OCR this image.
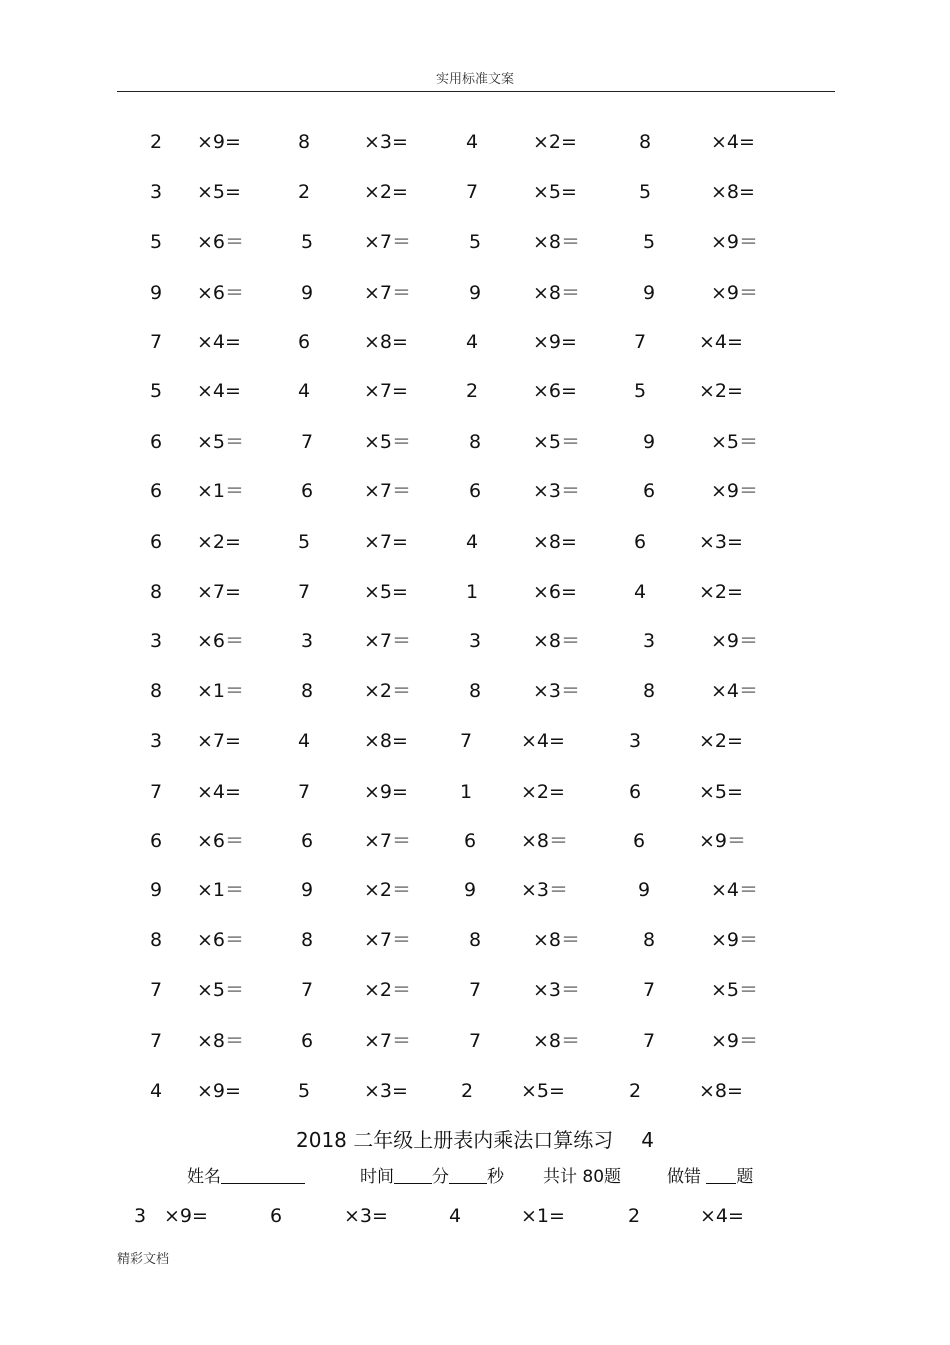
实用标准文案
2 ×9=	8	×3=	4	×2=	8	×4=
3 ×5=	2	×2=	7	×5=	5	×8=
5 ×6＝	5	×7＝	5	×8＝	5	×9＝
9 ×6＝	9	×7＝	9	×8＝	9	×9＝
7 ×4=	6	×8=	4	×9=	7	×4=
5 ×4=	4	×7=	2	×6=	5	×2=
6 ×5＝	7	×5＝	8	×5＝	9	×5＝
6 ×1＝	6	×7＝	6	×3＝	6	×9＝
6 ×2=	5	×7=	4	×8=	6	×3=
8 ×7=	7	×5=	1	×6=	4	×2=
3 ×6＝	3	×7＝	3	×8＝	3	×9＝
8 ×1＝	8	×2＝	8	×3＝	8	×4＝
3 ×7=	4	×8=	7	×4=	3	×2=
7 ×4=	7	×9=	1	×2=	6	×5=
6 ×6＝	6	×7＝	6 ×8＝	6	×9＝
9 ×1＝	9	×2＝	9 ×3＝	9	×4＝
8 ×6＝	8	×7＝	8	×8＝	8	×9＝
7 ×5＝	7	×2＝	7	×3＝	7	×5＝
7 ×8＝	6	×7＝	7	×8＝	7	×9＝
4 ×9=	5	×3=	2	×5=	2	×8=
2018 二年级上册表内乘法口算练习 4
姓名	时间 分 秒 共计 80题	做错 题
3 ×9=	6	×3=	4	×1=	2	×4=
精彩文档
